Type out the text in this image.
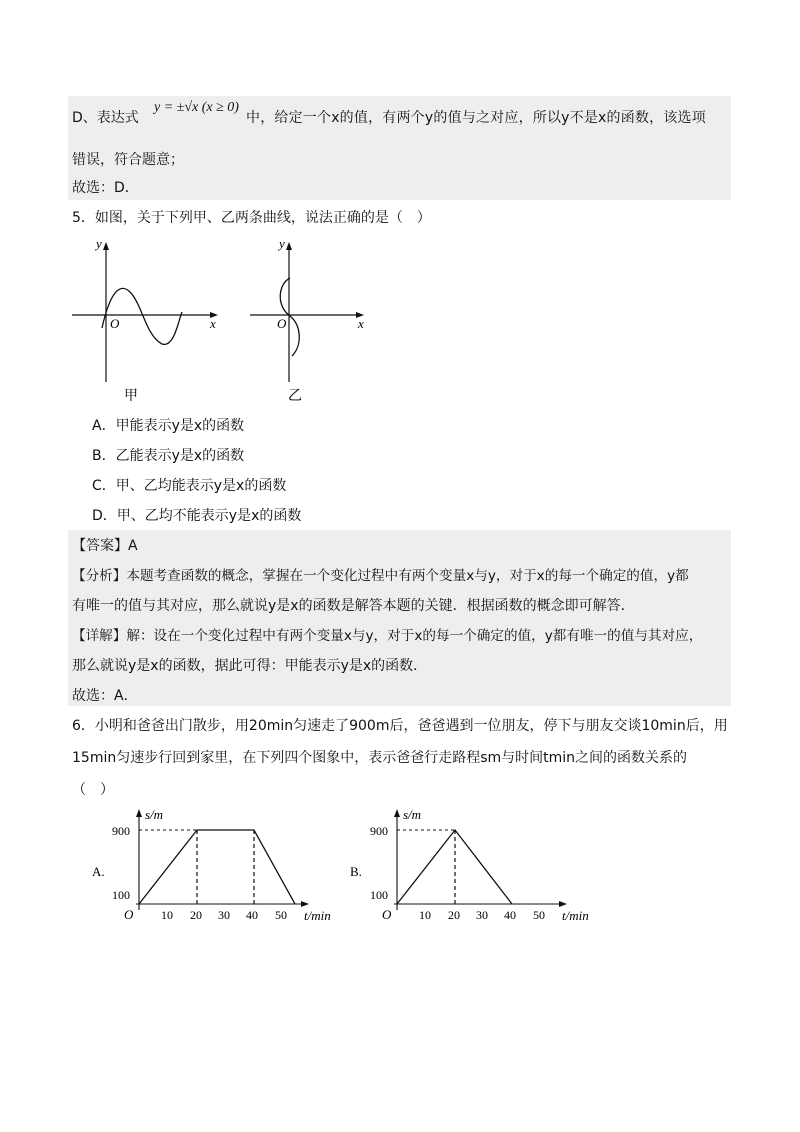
D、表达式
y = ±√x (x ≥ 0)
中，给定一个x的值，有两个y的值与之对应，所以y不是x的函数，该选项
错误，符合题意；
故选：D．
5．如图，关于下列甲、乙两条曲线，说法正确的是（　）
y
x
O
甲
y
x
O
乙
A．甲能表示y是x的函数
B．乙能表示y是x的函数
C．甲、乙均能表示y是x的函数
D．甲、乙均不能表示y是x的函数
【答案】A
【分析】本题考查函数的概念，掌握在一个变化过程中有两个变量x与y，对于x的每一个确定的值，y都
有唯一的值与其对应，那么就说y是x的函数是解答本题的关键．根据函数的概念即可解答．
【详解】解：设在一个变化过程中有两个变量x与y，对于x的每一个确定的值，y都有唯一的值与其对应，
那么就说y是x的函数，据此可得：甲能表示y是x的函数．
故选：A．
6．小明和爸爸出门散步，用20min匀速走了900m后，爸爸遇到一位朋友，停下与朋友交谈10min后，用
15min匀速步行回到家里，在下列四个图象中，表示爸爸行走路程sm与时间tmin之间的函数关系的
（　）
A.
s/m
900
100
O 10 20 30 40 50 t/min
B.
s/m
900
100
O 10 20 30 40 50 t/min
